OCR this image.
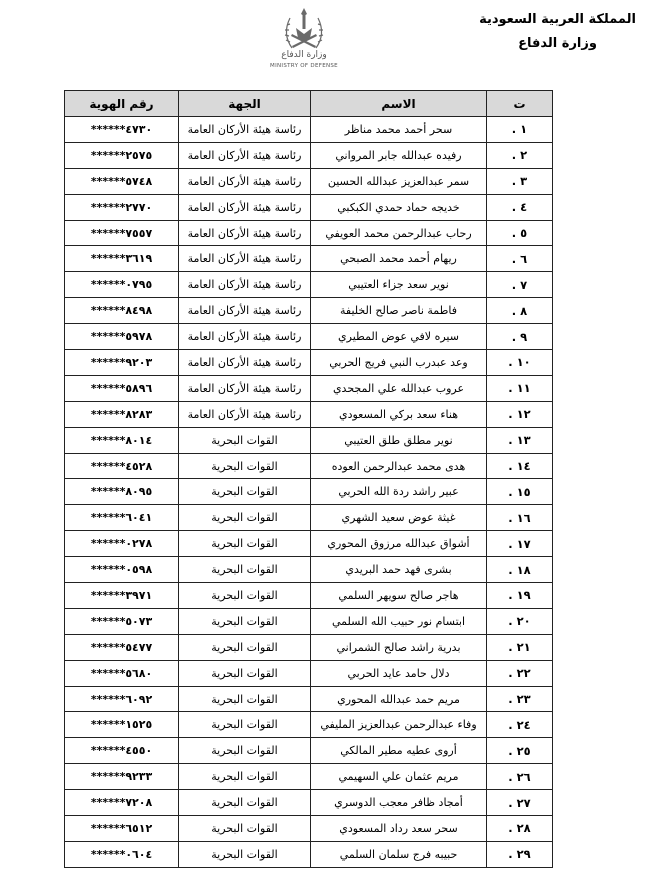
المملكة العربية السعودية

وزارة الدفاع

وزارة الدفاع
MINISTRY OF DEFENSE
ت	الاسم	الجهة	رقم الهوية
١ .	سحر أحمد محمد مناظر	رئاسة هيئة الأركان العامة	******٤٧٣٠
٢ .	رفيده عبدالله جابر المرواني	رئاسة هيئة الأركان العامة	******٢٥٧٥
٣ .	سمر عبدالعزيز عبدالله الحسين	رئاسة هيئة الأركان العامة	******٥٧٤٨
٤ .	خديجه حماد حمدي الكبكبي	رئاسة هيئة الأركان العامة	******٢٧٧٠
٥ .	رحاب عبدالرحمن محمد العويفي	رئاسة هيئة الأركان العامة	******٧٥٥٧
٦ .	ريهام أحمد محمد الصبحي	رئاسة هيئة الأركان العامة	******٣٦١٩
٧ .	نوير سعد جزاء العتيبي	رئاسة هيئة الأركان العامة	******٠٧٩٥
٨ .	فاطمة ناصر صالح الخليفة	رئاسة هيئة الأركان العامة	******٨٤٩٨
٩ .	سيره لافي عوض المطيري	رئاسة هيئة الأركان العامة	******٥٩٧٨
١٠ .	وعد عبدرب النبي فريج الحربي	رئاسة هيئة الأركان العامة	******٩٢٠٣
١١ .	عروب عبدالله علي المجحدي	رئاسة هيئة الأركان العامة	******٥٨٩٦
١٢ .	هناء سعد بركي المسعودي	رئاسة هيئة الأركان العامة	******٨٢٨٣
١٣ .	نوير مطلق طلق العتيبي	القوات البحرية	******٨٠١٤
١٤ .	هدى محمد عبدالرحمن العوده	القوات البحرية	******٤٥٢٨
١٥ .	عبير راشد ردة الله الحربي	القوات البحرية	******٨٠٩٥
١٦ .	غيثة عوض سعيد الشهري	القوات البحرية	******٦٠٤١
١٧ .	أشواق عبدالله مرزوق المحوري	القوات البحرية	******٠٢٧٨
١٨ .	بشرى فهد حمد البريدي	القوات البحرية	******٠٥٩٨
١٩ .	هاجر صالح سويهر السلمي	القوات البحرية	******٣٩٧١
٢٠ .	ابتسام نور حبيب الله السلمي	القوات البحرية	******٥٠٧٣
٢١ .	بدرية راشد صالح الشمراني	القوات البحرية	******٥٤٧٧
٢٢ .	دلال حامد عايد الحربي	القوات البحرية	******٥٦٨٠
٢٣ .	مريم حمد عبدالله المحوري	القوات البحرية	******٦٠٩٢
٢٤ .	وفاء عبدالرحمن عبدالعزيز المليفي	القوات البحرية	******١٥٢٥
٢٥ .	أروى عطيه مطير المالكي	القوات البحرية	******٤٥٥٠
٢٦ .	مريم عثمان علي السهيمي	القوات البحرية	******٩٢٣٣
٢٧ .	أمجاد ظافر معجب الدوسري	القوات البحرية	******٧٢٠٨
٢٨ .	سحر سعد رداد المسعودي	القوات البحرية	******٦٥١٢
٢٩ .	حبيبه فرج سلمان السلمي	القوات البحرية	******٠٦٠٤
